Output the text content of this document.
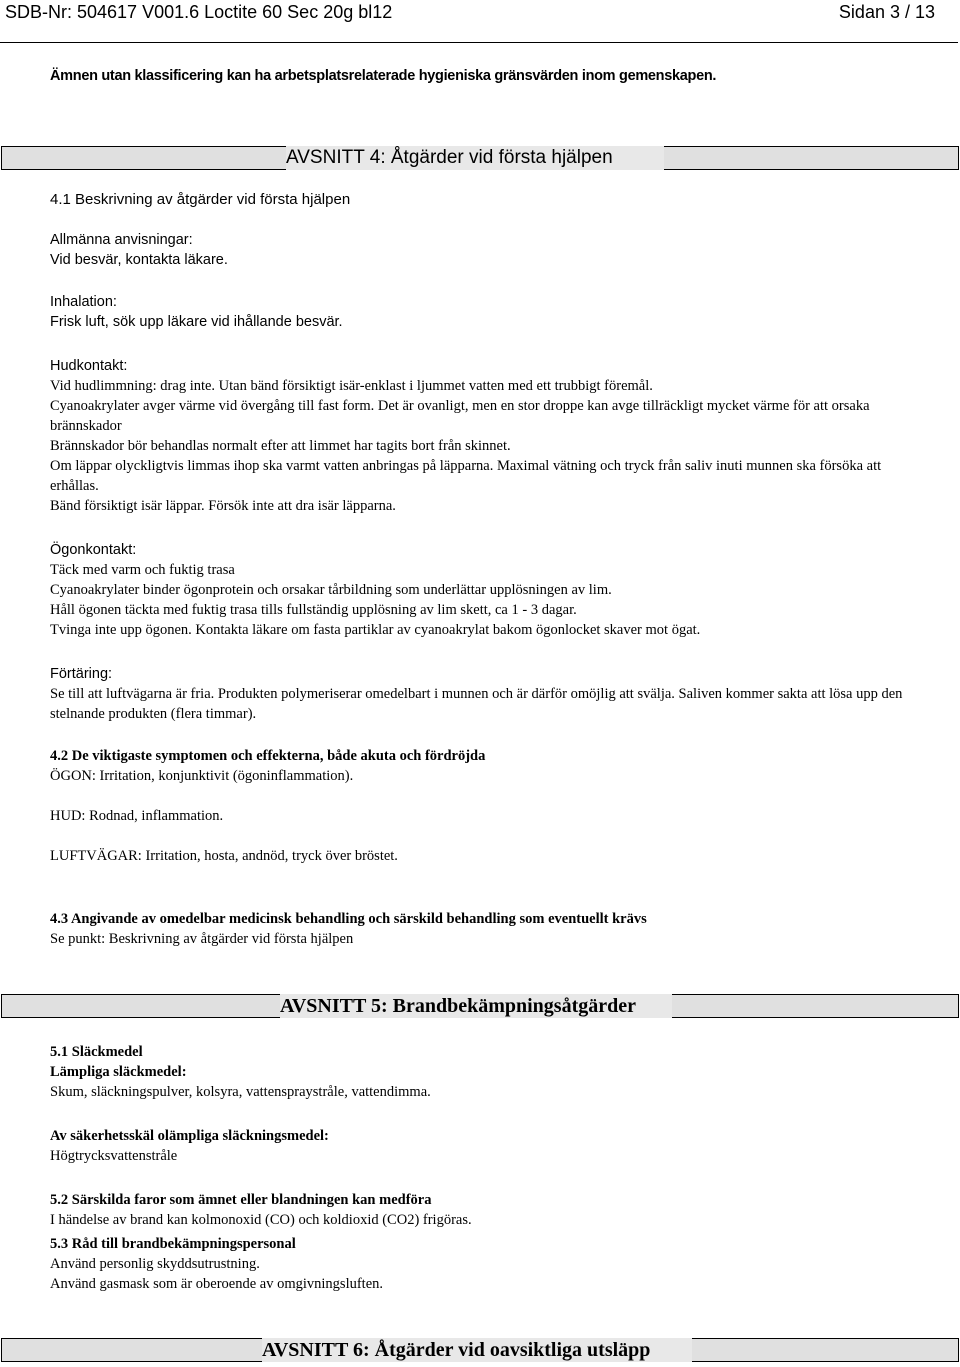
SDB-Nr: 504617 V001.6 Loctite 60 Sec 20g bl12	Sidan 3 / 13
Ämnen utan klassificering kan ha arbetsplatsrelaterade hygieniska gränsvärden inom gemenskapen.
AVSNITT 4: Åtgärder vid första hjälpen
4.1 Beskrivning av åtgärder vid första hjälpen
Allmänna anvisningar:
Vid besvär, kontakta läkare.
Inhalation:
Frisk luft, sök upp läkare vid ihållande besvär.
Hudkontakt:
Vid hudlimmning: drag inte. Utan bänd försiktigt isär-enklast i ljummet vatten med ett trubbigt föremål.
Cyanoakrylater avger värme vid övergång till fast form. Det är ovanligt, men en stor droppe kan avge tillräckligt mycket värme för att orsaka brännskador
Brännskador bör behandlas normalt efter att limmet har tagits bort från skinnet.
Om läppar olyckligtvis limmas ihop ska varmt vatten anbringas på läpparna. Maximal vätning och tryck från saliv inuti munnen ska försöka att erhållas.
Bänd försiktigt isär läppar. Försök inte att dra isär läpparna.
Ögonkontakt:
Täck med varm och fuktig trasa
Cyanoakrylater binder ögonprotein och orsakar tårbildning som underlättar upplösningen av lim.
Håll ögonen täckta med fuktig trasa tills fullständig upplösning av lim skett, ca 1 - 3 dagar.
Tvinga inte upp ögonen. Kontakta läkare om fasta partiklar av cyanoakrylat bakom ögonlocket skaver mot ögat.
Förtäring:
Se till att luftvägarna är fria. Produkten polymeriserar omedelbart i munnen och är därför omöjlig att svälja. Saliven kommer sakta att lösa upp den stelnande produkten (flera timmar).
4.2 De viktigaste symptomen och effekterna, både akuta och fördröjda
ÖGON: Irritation, konjunktivit (ögoninflammation).
HUD: Rodnad, inflammation.
LUFTVÄGAR: Irritation, hosta, andnöd, tryck över bröstet.
4.3 Angivande av omedelbar medicinsk behandling och särskild behandling som eventuellt krävs
Se punkt: Beskrivning av åtgärder vid första hjälpen
AVSNITT 5: Brandbekämpningsåtgärder
5.1 Släckmedel
Lämpliga släckmedel:
Skum, släckningspulver, kolsyra, vattenspraystråle, vattendimma.
Av säkerhetsskäl olämpliga släckningsmedel:
Högtrycksvattenstråle
5.2 Särskilda faror som ämnet eller blandningen kan medföra
I händelse av brand kan kolmonoxid (CO) och koldioxid (CO2) frigöras.
5.3 Råd till brandbekämpningspersonal
Använd personlig skyddsutrustning.
Använd gasmask som är oberoende av omgivningsluften.
AVSNITT 6: Åtgärder vid oavsiktliga utsläpp
